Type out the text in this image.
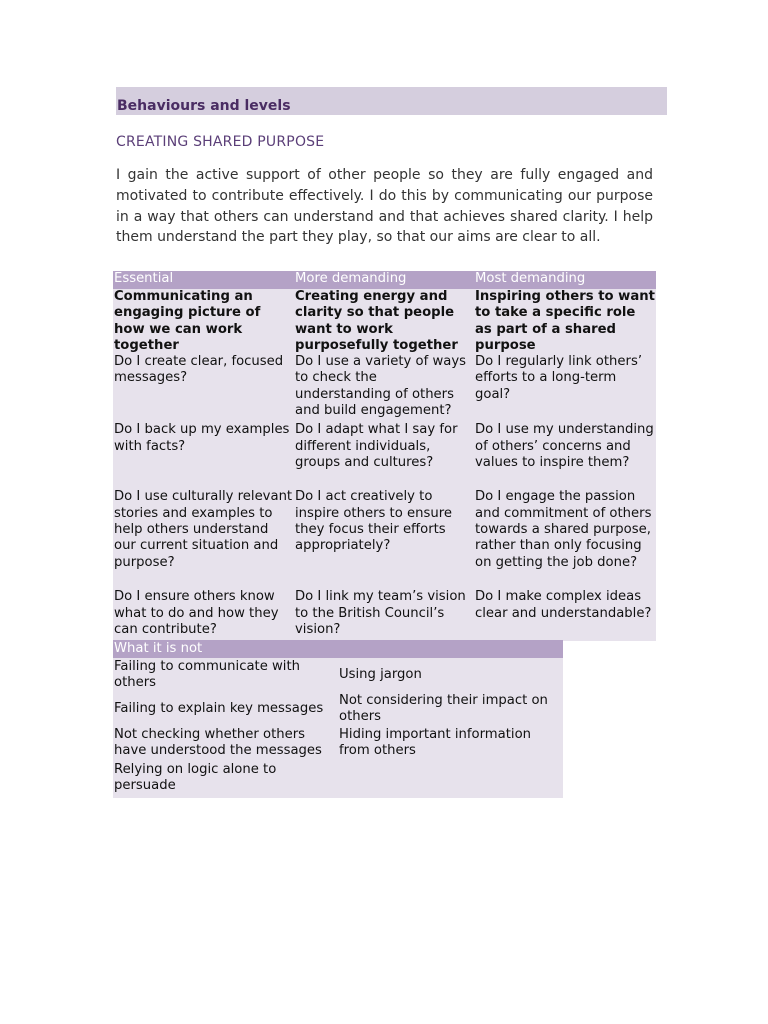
Behaviours and levels
CREATING SHARED PURPOSE

I gain the active support of other people so they are fully engaged and motivated to contribute effectively. I do this by communicating our purpose in a way that others can understand and that achieves shared clarity. I help them understand the part they play, so that our aims are clear to all.

Essential	More demanding	Most demanding
Communicating an engaging picture of how we can work together	Creating energy and clarity so that people want to work purposefully together	Inspiring others to want to take a specific role as part of a shared purpose
Do I create clear, focused messages?	Do I use a variety of ways to check the understanding of others and build engagement?	Do I regularly link others’ efforts to a long-term goal?
Do I back up my examples with facts?	Do I adapt what I say for different individuals, groups and cultures?	Do I use my understanding of others’ concerns and values to inspire them?
Do I use culturally relevant stories and examples to help others understand our current situation and purpose?	Do I act creatively to inspire others to ensure they focus their efforts appropriately?	Do I engage the passion and commitment of others towards a shared purpose, rather than only focusing on getting the job done?
Do I ensure others know what to do and how they can contribute?	Do I link my team’s vision to the British Council’s vision?	Do I make complex ideas clear and understandable?
What it is not	
Failing to communicate with others	Using jargon
Failing to explain key messages	Not considering their impact on others
Not checking whether others have understood the messages	Hiding important information from others
Relying on logic alone to persuade	
